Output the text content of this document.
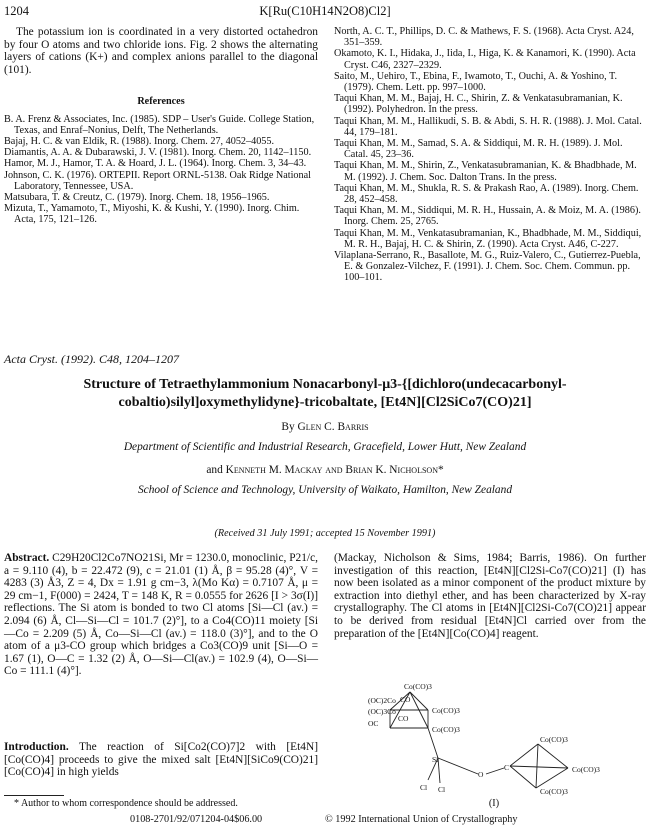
1204	K[Ru(C10H14N2O8)Cl2]

The potassium ion is coordinated in a very distorted octahedron by four O atoms and two chloride ions. Fig. 2 shows the alternating layers of cations (K+) and complex anions parallel to the diagonal (101).

References

B. A. Frenz & Associates, Inc. (1985). SDP – User's Guide. College Station, Texas, and Enraf–Nonius, Delft, The Netherlands.

Bajaj, H. C. & van Eldik, R. (1988). Inorg. Chem. 27, 4052–4055.

Diamantis, A. A. & Dubarawski, J. V. (1981). Inorg. Chem. 20, 1142–1150.

Hamor, M. J., Hamor, T. A. & Hoard, J. L. (1964). Inorg. Chem. 3, 34–43.

Johnson, C. K. (1976). ORTEPII. Report ORNL-5138. Oak Ridge National Laboratory, Tennessee, USA.

Matsubara, T. & Creutz, C. (1979). Inorg. Chem. 18, 1956–1965.

Mizuta, T., Yamamoto, T., Miyoshi, K. & Kushi, Y. (1990). Inorg. Chim. Acta, 175, 121–126.

North, A. C. T., Phillips, D. C. & Mathews, F. S. (1968). Acta Cryst. A24, 351–359.

Okamoto, K. I., Hidaka, J., Iida, I., Higa, K. & Kanamori, K. (1990). Acta Cryst. C46, 2327–2329.

Saito, M., Uehiro, T., Ebina, F., Iwamoto, T., Ouchi, A. & Yoshino, T. (1979). Chem. Lett. pp. 997–1000.

Taqui Khan, M. M., Bajaj, H. C., Shirin, Z. & Venkatasubramanian, K. (1992). Polyhedron. In the press.

Taqui Khan, M. M., Hallikudi, S. B. & Abdi, S. H. R. (1988). J. Mol. Catal. 44, 179–181.

Taqui Khan, M. M., Samad, S. A. & Siddiqui, M. R. H. (1989). J. Mol. Catal. 45, 23–36.

Taqui Khan, M. M., Shirin, Z., Venkatasubramanian, K. & Bhadbhade, M. M. (1992). J. Chem. Soc. Dalton Trans. In the press.

Taqui Khan, M. M., Shukla, R. S. & Prakash Rao, A. (1989). Inorg. Chem. 28, 452–458.

Taqui Khan, M. M., Siddiqui, M. R. H., Hussain, A. & Moiz, M. A. (1986). Inorg. Chem. 25, 2765.

Taqui Khan, M. M., Venkatasubramanian, K., Bhadbhade, M. M., Siddiqui, M. R. H., Bajaj, H. C. & Shirin, Z. (1990). Acta Cryst. A46, C-227.

Vilaplana-Serrano, R., Basallote, M. G., Ruiz-Valero, C., Gutierrez-Puebla, E. & Gonzalez-Vilchez, F. (1991). J. Chem. Soc. Chem. Commun. pp. 100–101.

Acta Cryst. (1992). C48, 1204–1207
Structure of Tetraethylammonium Nonacarbonyl-μ3-{[dichloro(undecacarbonyl-
cobaltio)silyl]oxymethylidyne}-tricobaltate, [Et4N][Cl2SiCo7(CO)21]
By Glen C. Barris
Department of Scientific and Industrial Research, Gracefield, Lower Hutt, New Zealand
and Kenneth M. Mackay and Brian K. Nicholson*
School of Science and Technology, University of Waikato, Hamilton, New Zealand
(Received 31 July 1991; accepted 15 November 1991)
Abstract. C29H20Cl2Co7NO21Si, Mr = 1230.0, monoclinic, P21/c, a = 9.110 (4), b = 22.472 (9), c = 21.01 (1) Å, β = 95.28 (4)°, V = 4283 (3) Å3, Z = 4, Dx = 1.91 g cm−3, λ(Mo Kα) = 0.7107 Å, μ = 29 cm−1, F(000) = 2424, T = 148 K, R = 0.0555 for 2626 [I > 3σ(I)] reflections. The Si atom is bonded to two Cl atoms [Si—Cl (av.) = 2.094 (6) Å, Cl—Si—Cl = 101.7 (2)°], to a Co4(CO)11 moiety [Si—Co = 2.209 (5) Å, Co—Si—Cl (av.) = 118.0 (3)°], and to the O atom of a μ3-CO group which bridges a Co3(CO)9 unit [Si—O = 1.67 (1), O—C = 1.32 (2) Å, O—Si—Cl(av.) = 102.9 (4), O—Si—Co = 111.1 (4)°].
Introduction. The reaction of Si[Co2(CO)7]2 with [Et4N][Co(CO)4] proceeds to give the mixed salt [Et4N][SiCo9(CO)21][Co(CO)4] in high yields
(Mackay, Nicholson & Sims, 1984; Barris, 1986). On further investigation of this reaction, [Et4N][Cl2Si-Co7(CO)21] (I) has now been isolated as a minor component of the product mixture by extraction into diethyl ether, and has been characterized by X-ray crystallography. The Cl atoms in [Et4N][Cl2Si-Co7(CO)21] appear to be derived from residual [Et4N]Cl carried over from the preparation of the [Et4N][Co(CO)4] reagent.
Co(CO)3
(OC)2Co
(OC)3Co
CO
CO
OC
Co(CO)3
Co(CO)3
Si
Cl Cl
O
C
Co(CO)3
Co(CO)3
Co(CO)3
(I)
* Author to whom correspondence should be addressed.
0108-2701/92/071204-04$06.00	© 1992 International Union of Crystallography
